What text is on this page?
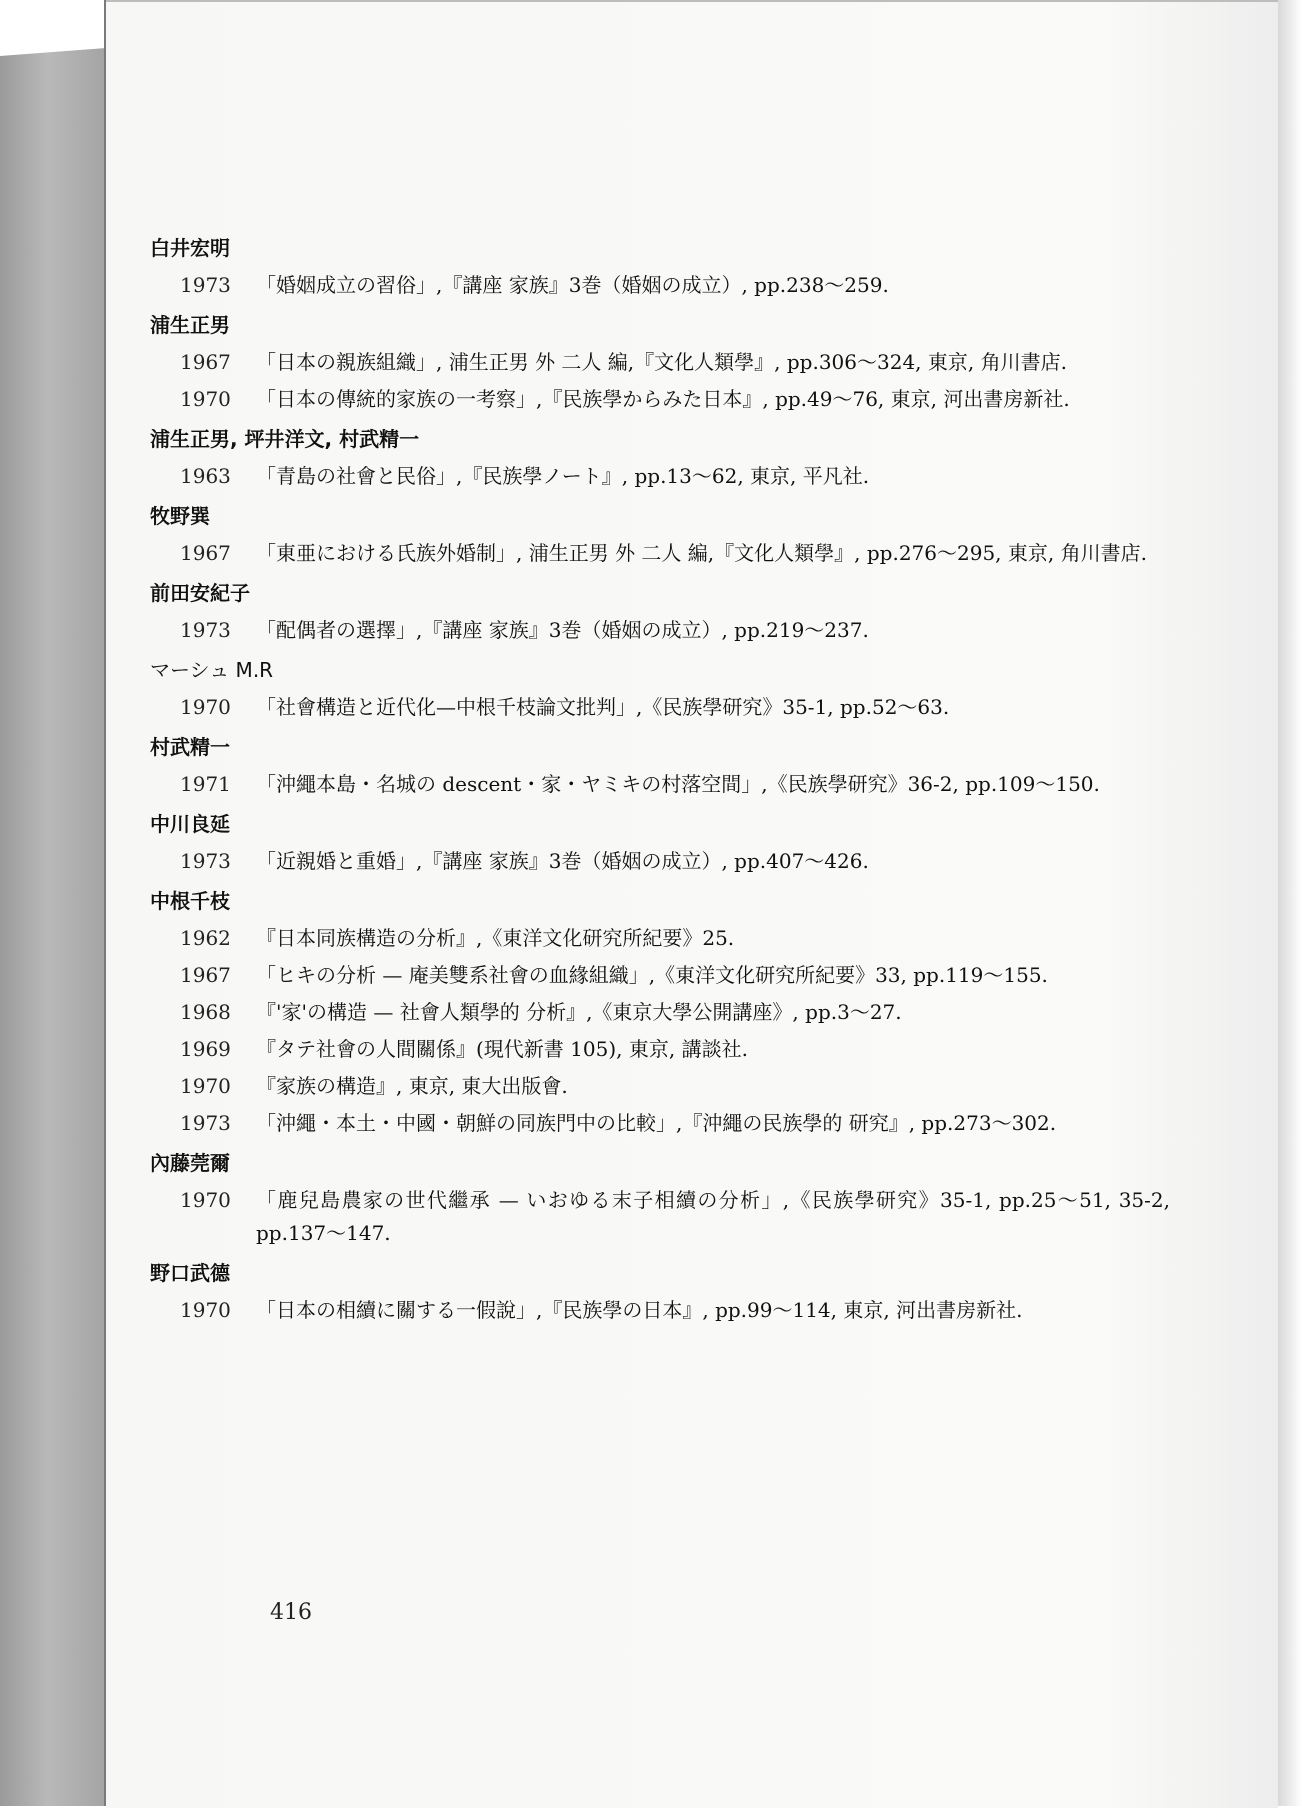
白井宏明
1973	「婚姻成立の習俗」,『講座 家族』3巻（婚姻の成立）, pp.238～259.
浦生正男
1967	「日本の親族組織」, 浦生正男 外 二人 編,『文化人類學』, pp.306～324, 東京, 角川書店.
1970	「日本の傳統的家族の一考察」,『民族學からみた日本』, pp.49～76, 東京, 河出書房新社.
浦生正男, 坪井洋文, 村武精一
1963	「青島の社會と民俗」,『民族學ノート』, pp.13～62, 東京, 平凡社.
牧野巽
1967	「東亜における氏族外婚制」, 浦生正男 外 二人 編,『文化人類學』, pp.276～295, 東京, 角川書店.
前田安紀子
1973	「配偶者の選擇」,『講座 家族』3巻（婚姻の成立）, pp.219～237.
マーシュ M.R
1970	「社會構造と近代化—中根千枝論文批判」,《民族學研究》35-1, pp.52～63.
村武精一
1971	「沖繩本島・名城の descent・家・ヤミキの村落空間」,《民族學研究》36-2, pp.109～150.
中川良延
1973	「近親婚と重婚」,『講座 家族』3巻（婚姻の成立）, pp.407～426.
中根千枝
1962	『日本同族構造の分析』,《東洋文化研究所紀要》25.
1967	「ヒキの分析 — 庵美雙系社會の血緣組織」,《東洋文化研究所紀要》33, pp.119～155.
1968	『'家'の構造 — 社會人類學的 分析』,《東京大學公開講座》, pp.3～27.
1969	『タテ社會の人間關係』(現代新書 105), 東京, 講談社.
1970	『家族の構造』, 東京, 東大出版會.
1973	「沖繩・本土・中國・朝鮮の同族門中の比較」,『沖繩の民族學的 研究』, pp.273～302.
內藤莞爾
1970	「鹿兒島農家の世代繼承 — いおゆる末子相續の分析」,《民族學研究》35-1, pp.25～51, 35-2, pp.137～147.
野口武德
1970	「日本の相續に關する一假說」,『民族學の日本』, pp.99～114, 東京, 河出書房新社.
416
